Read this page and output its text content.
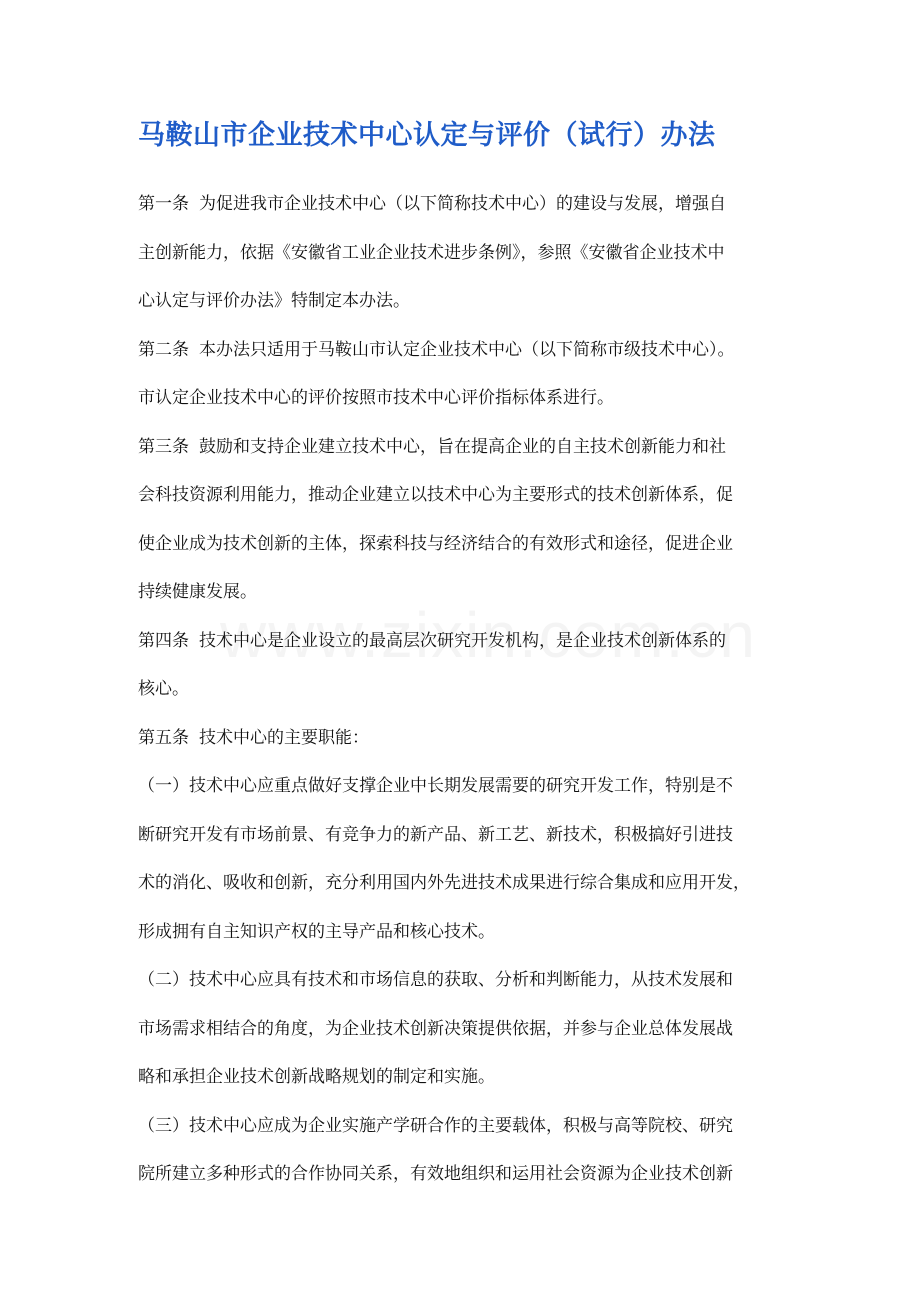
马鞍山市企业技术中心认定与评价（试行）办法

第一条 为促进我市企业技术中心（以下简称技术中心）的建设与发展，增强自
主创新能力，依据《安徽省工业企业技术进步条例》，参照《安徽省企业技术中
心认定与评价办法》特制定本办法。

第二条 本办法只适用于马鞍山市认定企业技术中心（以下简称市级技术中心）。
市认定企业技术中心的评价按照市技术中心评价指标体系进行。

第三条 鼓励和支持企业建立技术中心，旨在提高企业的自主技术创新能力和社
会科技资源利用能力，推动企业建立以技术中心为主要形式的技术创新体系，促
使企业成为技术创新的主体，探索科技与经济结合的有效形式和途径，促进企业
持续健康发展。

第四条 技术中心是企业设立的最高层次研究开发机构，是企业技术创新体系的
核心。

第五条 技术中心的主要职能：

（一）技术中心应重点做好支撑企业中长期发展需要的研究开发工作，特别是不
断研究开发有市场前景、有竞争力的新产品、新工艺、新技术，积极搞好引进技
术的消化、吸收和创新，充分利用国内外先进技术成果进行综合集成和应用开发，
形成拥有自主知识产权的主导产品和核心技术。

（二）技术中心应具有技术和市场信息的获取、分析和判断能力，从技术发展和
市场需求相结合的角度，为企业技术创新决策提供依据，并参与企业总体发展战
略和承担企业技术创新战略规划的制定和实施。

（三）技术中心应成为企业实施产学研合作的主要载体，积极与高等院校、研究
院所建立多种形式的合作协同关系，有效地组织和运用社会资源为企业技术创新
